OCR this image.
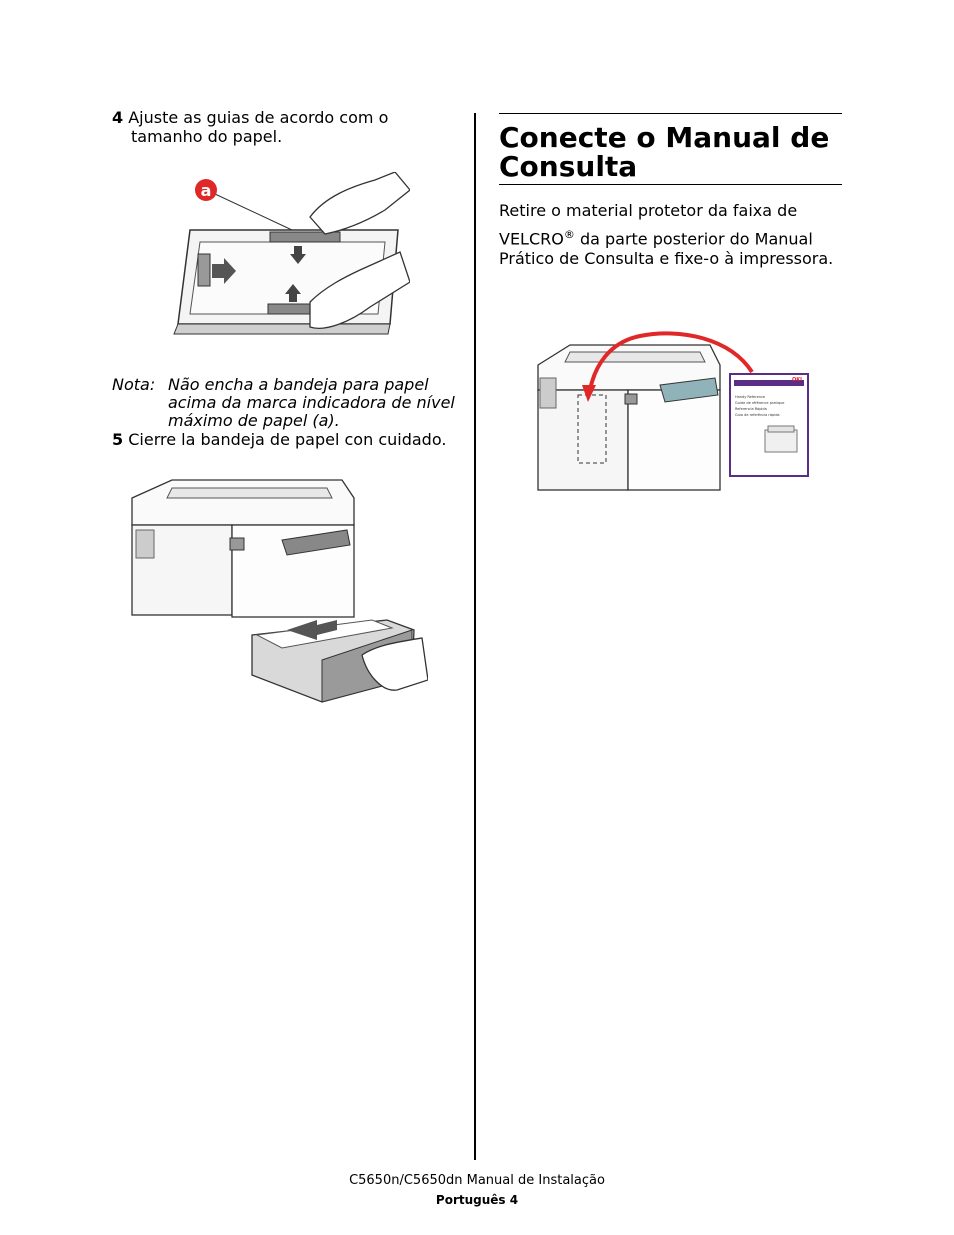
4 Ajuste as guias de acordo com o
tamanho do papel.
a
Nota: Não encha a bandeja para papel
acima da marca indicadora de nível
máximo de papel (a).
5 Cierre la bandeja de papel con cuidado.
Conecte o Manual de
Consulta
Retire o material protetor da faixa de
VELCRO® da parte posterior do Manual
Prático de Consulta e fixe-o à impressora.
OKI
Handy Reference
Guide de référence pratique
Referencia Rápida
Guia de referência rápida
C5650n/C5650dn Manual de Instalação
Português 4
